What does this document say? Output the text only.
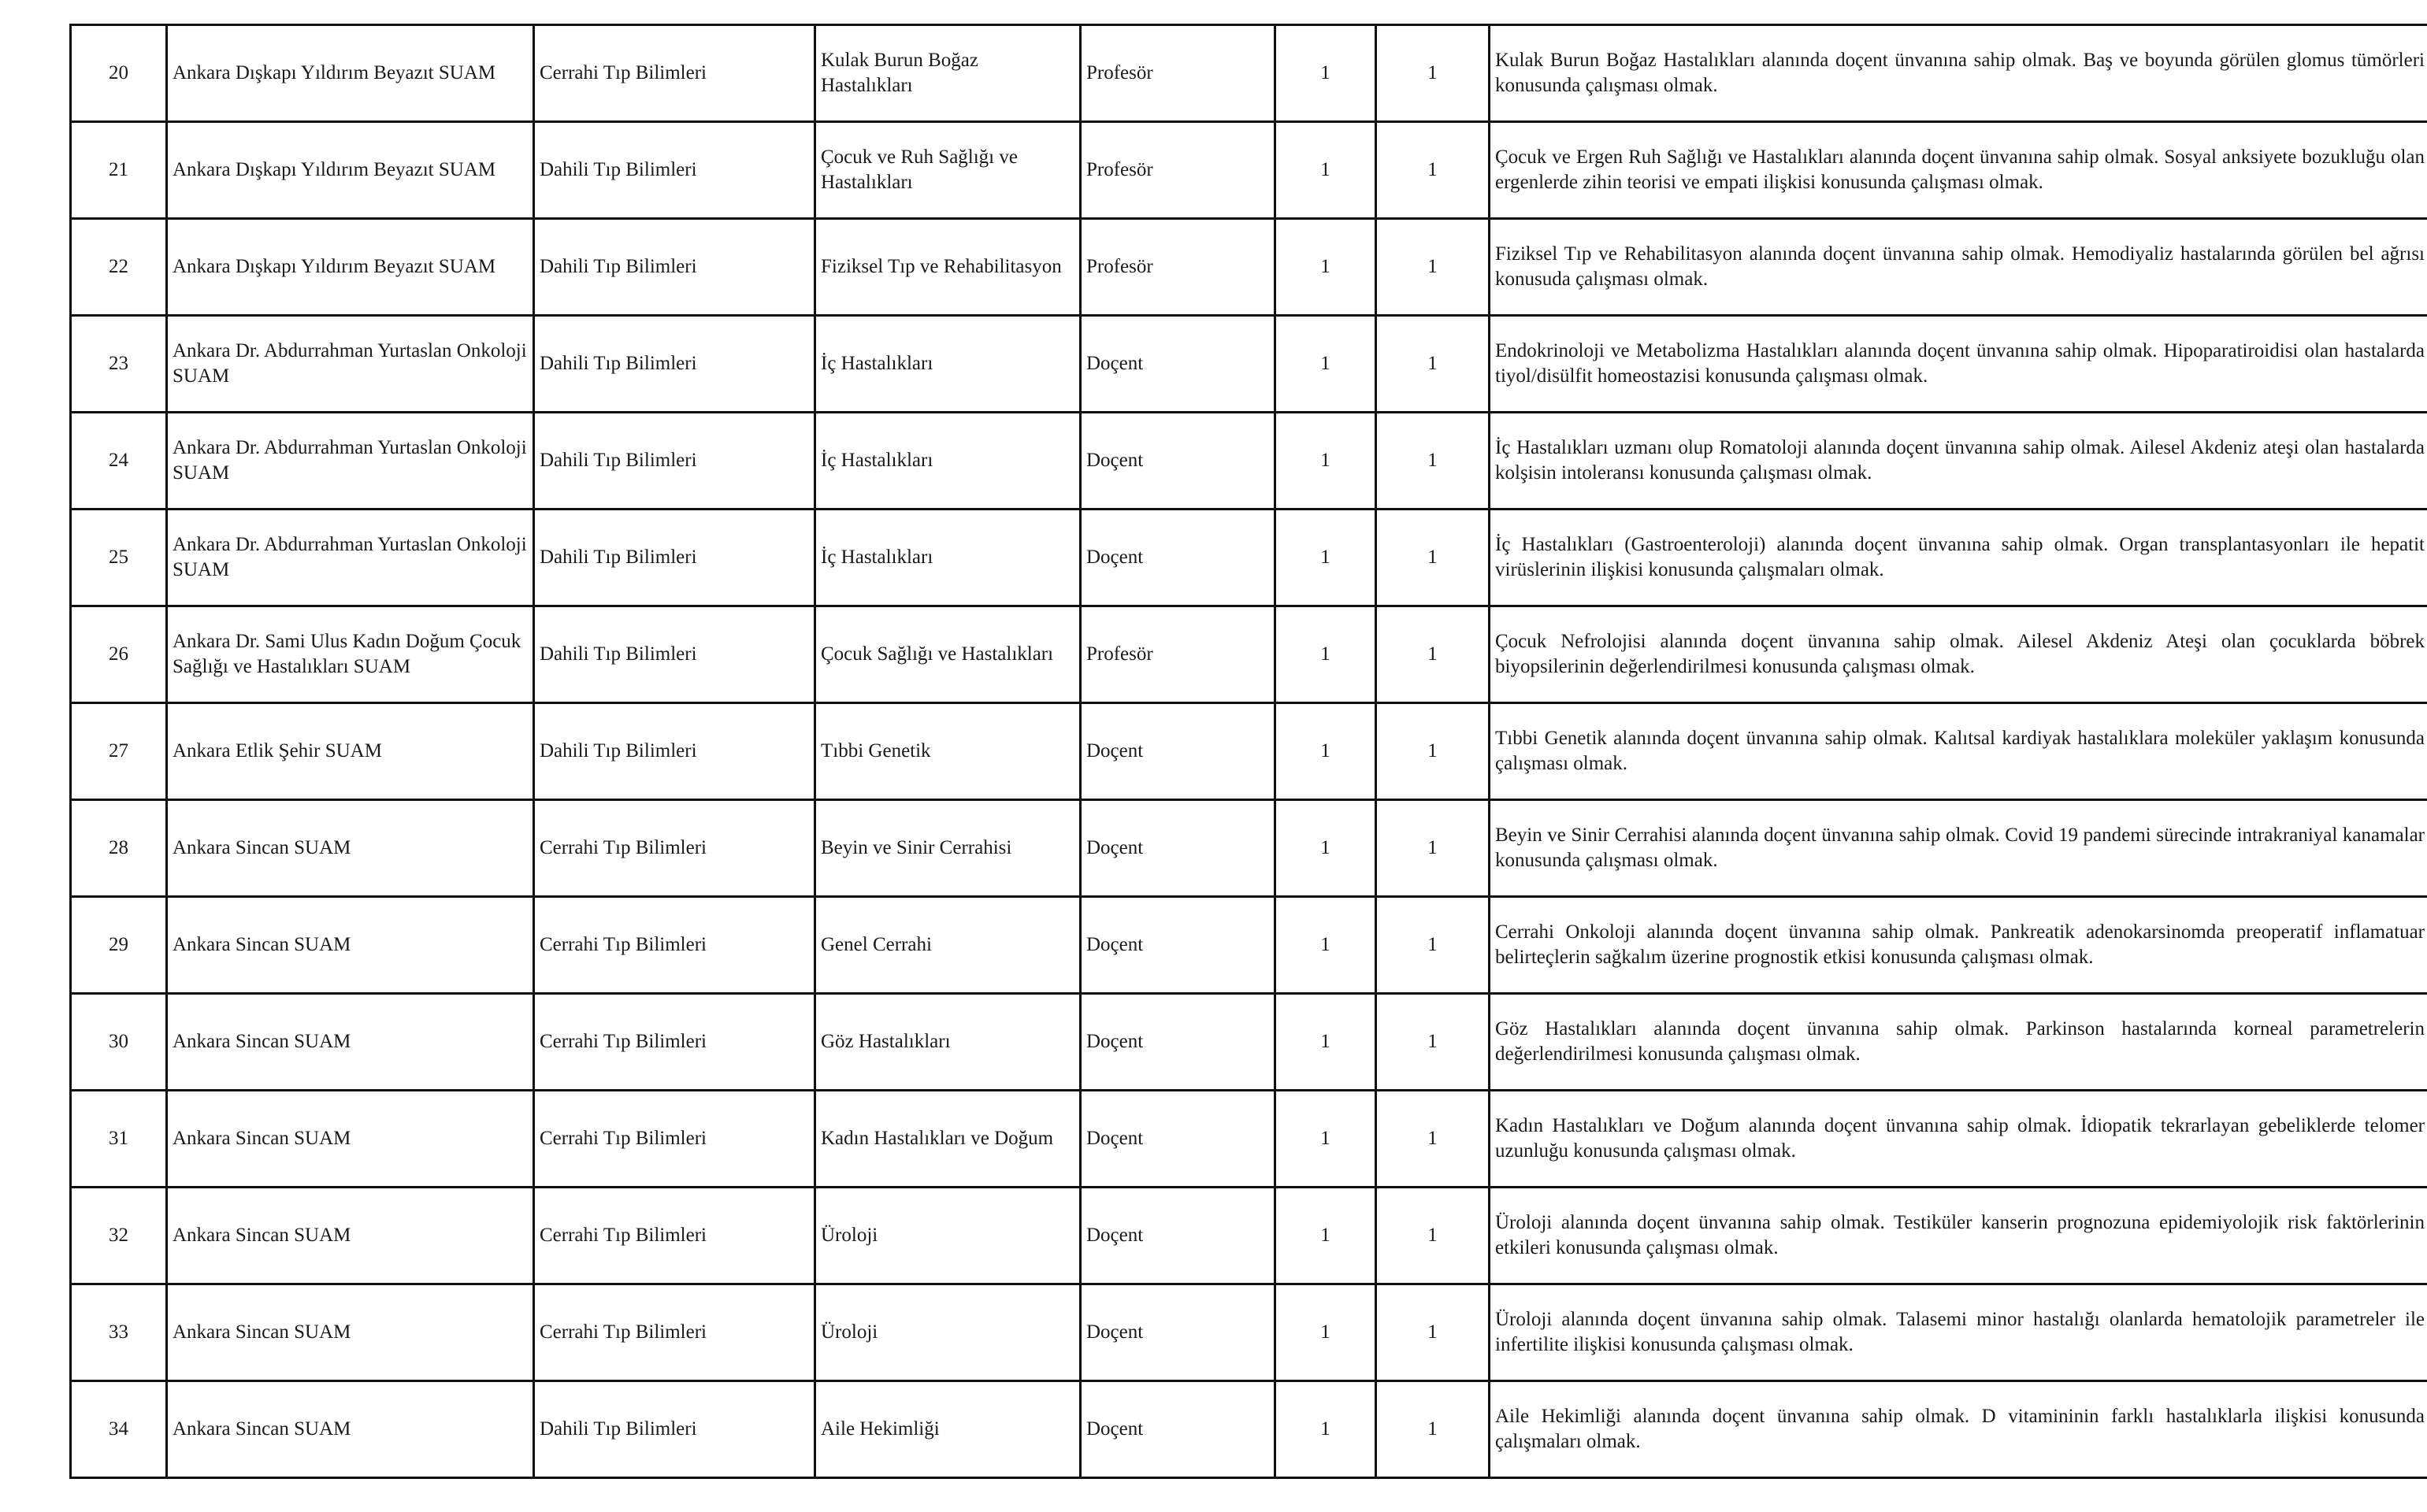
20	Ankara Dışkapı Yıldırım Beyazıt SUAM	Cerrahi Tıp Bilimleri	Kulak Burun Boğaz Hastalıkları	Profesör	1	1	Kulak Burun Boğaz Hastalıkları alanında doçent ünvanına sahip olmak. Baş ve boyunda görülen glomus tümörleri konusunda çalışması olmak.
21	Ankara Dışkapı Yıldırım Beyazıt SUAM	Dahili Tıp Bilimleri	Çocuk ve Ruh Sağlığı ve Hastalıkları	Profesör	1	1	Çocuk ve Ergen Ruh Sağlığı ve Hastalıkları alanında doçent ünvanına sahip olmak. Sosyal anksiyete bozukluğu olan ergenlerde zihin teorisi ve empati ilişkisi konusunda çalışması olmak.
22	Ankara Dışkapı Yıldırım Beyazıt SUAM	Dahili Tıp Bilimleri	Fiziksel Tıp ve Rehabilitasyon	Profesör	1	1	Fiziksel Tıp ve Rehabilitasyon alanında doçent ünvanına sahip olmak. Hemodiyaliz hastalarında görülen bel ağrısı konusuda çalışması olmak.
23	Ankara Dr. Abdurrahman Yurtaslan Onkoloji SUAM	Dahili Tıp Bilimleri	İç Hastalıkları	Doçent	1	1	Endokrinoloji ve Metabolizma Hastalıkları alanında doçent ünvanına sahip olmak. Hipoparatiroidisi olan hastalarda tiyol/disülfit homeostazisi konusunda çalışması olmak.
24	Ankara Dr. Abdurrahman Yurtaslan Onkoloji SUAM	Dahili Tıp Bilimleri	İç Hastalıkları	Doçent	1	1	İç Hastalıkları uzmanı olup Romatoloji alanında doçent ünvanına sahip olmak. Ailesel Akdeniz ateşi olan hastalarda kolşisin intoleransı konusunda çalışması olmak.
25	Ankara Dr. Abdurrahman Yurtaslan Onkoloji SUAM	Dahili Tıp Bilimleri	İç Hastalıkları	Doçent	1	1	İç Hastalıkları (Gastroenteroloji) alanında doçent ünvanına sahip olmak. Organ transplantasyonları ile hepatit virüslerinin ilişkisi konusunda çalışmaları olmak.
26	Ankara Dr. Sami Ulus Kadın Doğum Çocuk Sağlığı ve Hastalıkları SUAM	Dahili Tıp Bilimleri	Çocuk Sağlığı ve Hastalıkları	Profesör	1	1	Çocuk Nefrolojisi alanında doçent ünvanına sahip olmak. Ailesel Akdeniz Ateşi olan çocuklarda böbrek biyopsilerinin değerlendirilmesi konusunda çalışması olmak.
27	Ankara Etlik Şehir SUAM	Dahili Tıp Bilimleri	Tıbbi Genetik	Doçent	1	1	Tıbbi Genetik alanında doçent ünvanına sahip olmak. Kalıtsal kardiyak hastalıklara moleküler yaklaşım konusunda çalışması olmak.
28	Ankara Sincan SUAM	Cerrahi Tıp Bilimleri	Beyin ve Sinir Cerrahisi	Doçent	1	1	Beyin ve Sinir Cerrahisi alanında doçent ünvanına sahip olmak. Covid 19 pandemi sürecinde intrakraniyal kanamalar konusunda çalışması olmak.
29	Ankara Sincan SUAM	Cerrahi Tıp Bilimleri	Genel Cerrahi	Doçent	1	1	Cerrahi Onkoloji alanında doçent ünvanına sahip olmak. Pankreatik adenokarsinomda preoperatif inflamatuar belirteçlerin sağkalım üzerine prognostik etkisi konusunda çalışması olmak.
30	Ankara Sincan SUAM	Cerrahi Tıp Bilimleri	Göz Hastalıkları	Doçent	1	1	Göz Hastalıkları alanında doçent ünvanına sahip olmak. Parkinson hastalarında korneal parametrelerin değerlendirilmesi konusunda çalışması olmak.
31	Ankara Sincan SUAM	Cerrahi Tıp Bilimleri	Kadın Hastalıkları ve Doğum	Doçent	1	1	Kadın Hastalıkları ve Doğum alanında doçent ünvanına sahip olmak. İdiopatik tekrarlayan gebeliklerde telomer uzunluğu konusunda çalışması olmak.
32	Ankara Sincan SUAM	Cerrahi Tıp Bilimleri	Üroloji	Doçent	1	1	Üroloji alanında doçent ünvanına sahip olmak. Testiküler kanserin prognozuna epidemiyolojik risk faktörlerinin etkileri konusunda çalışması olmak.
33	Ankara Sincan SUAM	Cerrahi Tıp Bilimleri	Üroloji	Doçent	1	1	Üroloji alanında doçent ünvanına sahip olmak. Talasemi minor hastalığı olanlarda hematolojik parametreler ile infertilite ilişkisi konusunda çalışması olmak.
34	Ankara Sincan SUAM	Dahili Tıp Bilimleri	Aile Hekimliği	Doçent	1	1	Aile Hekimliği alanında doçent ünvanına sahip olmak. D vitamininin farklı hastalıklarla ilişkisi konusunda çalışmaları olmak.
